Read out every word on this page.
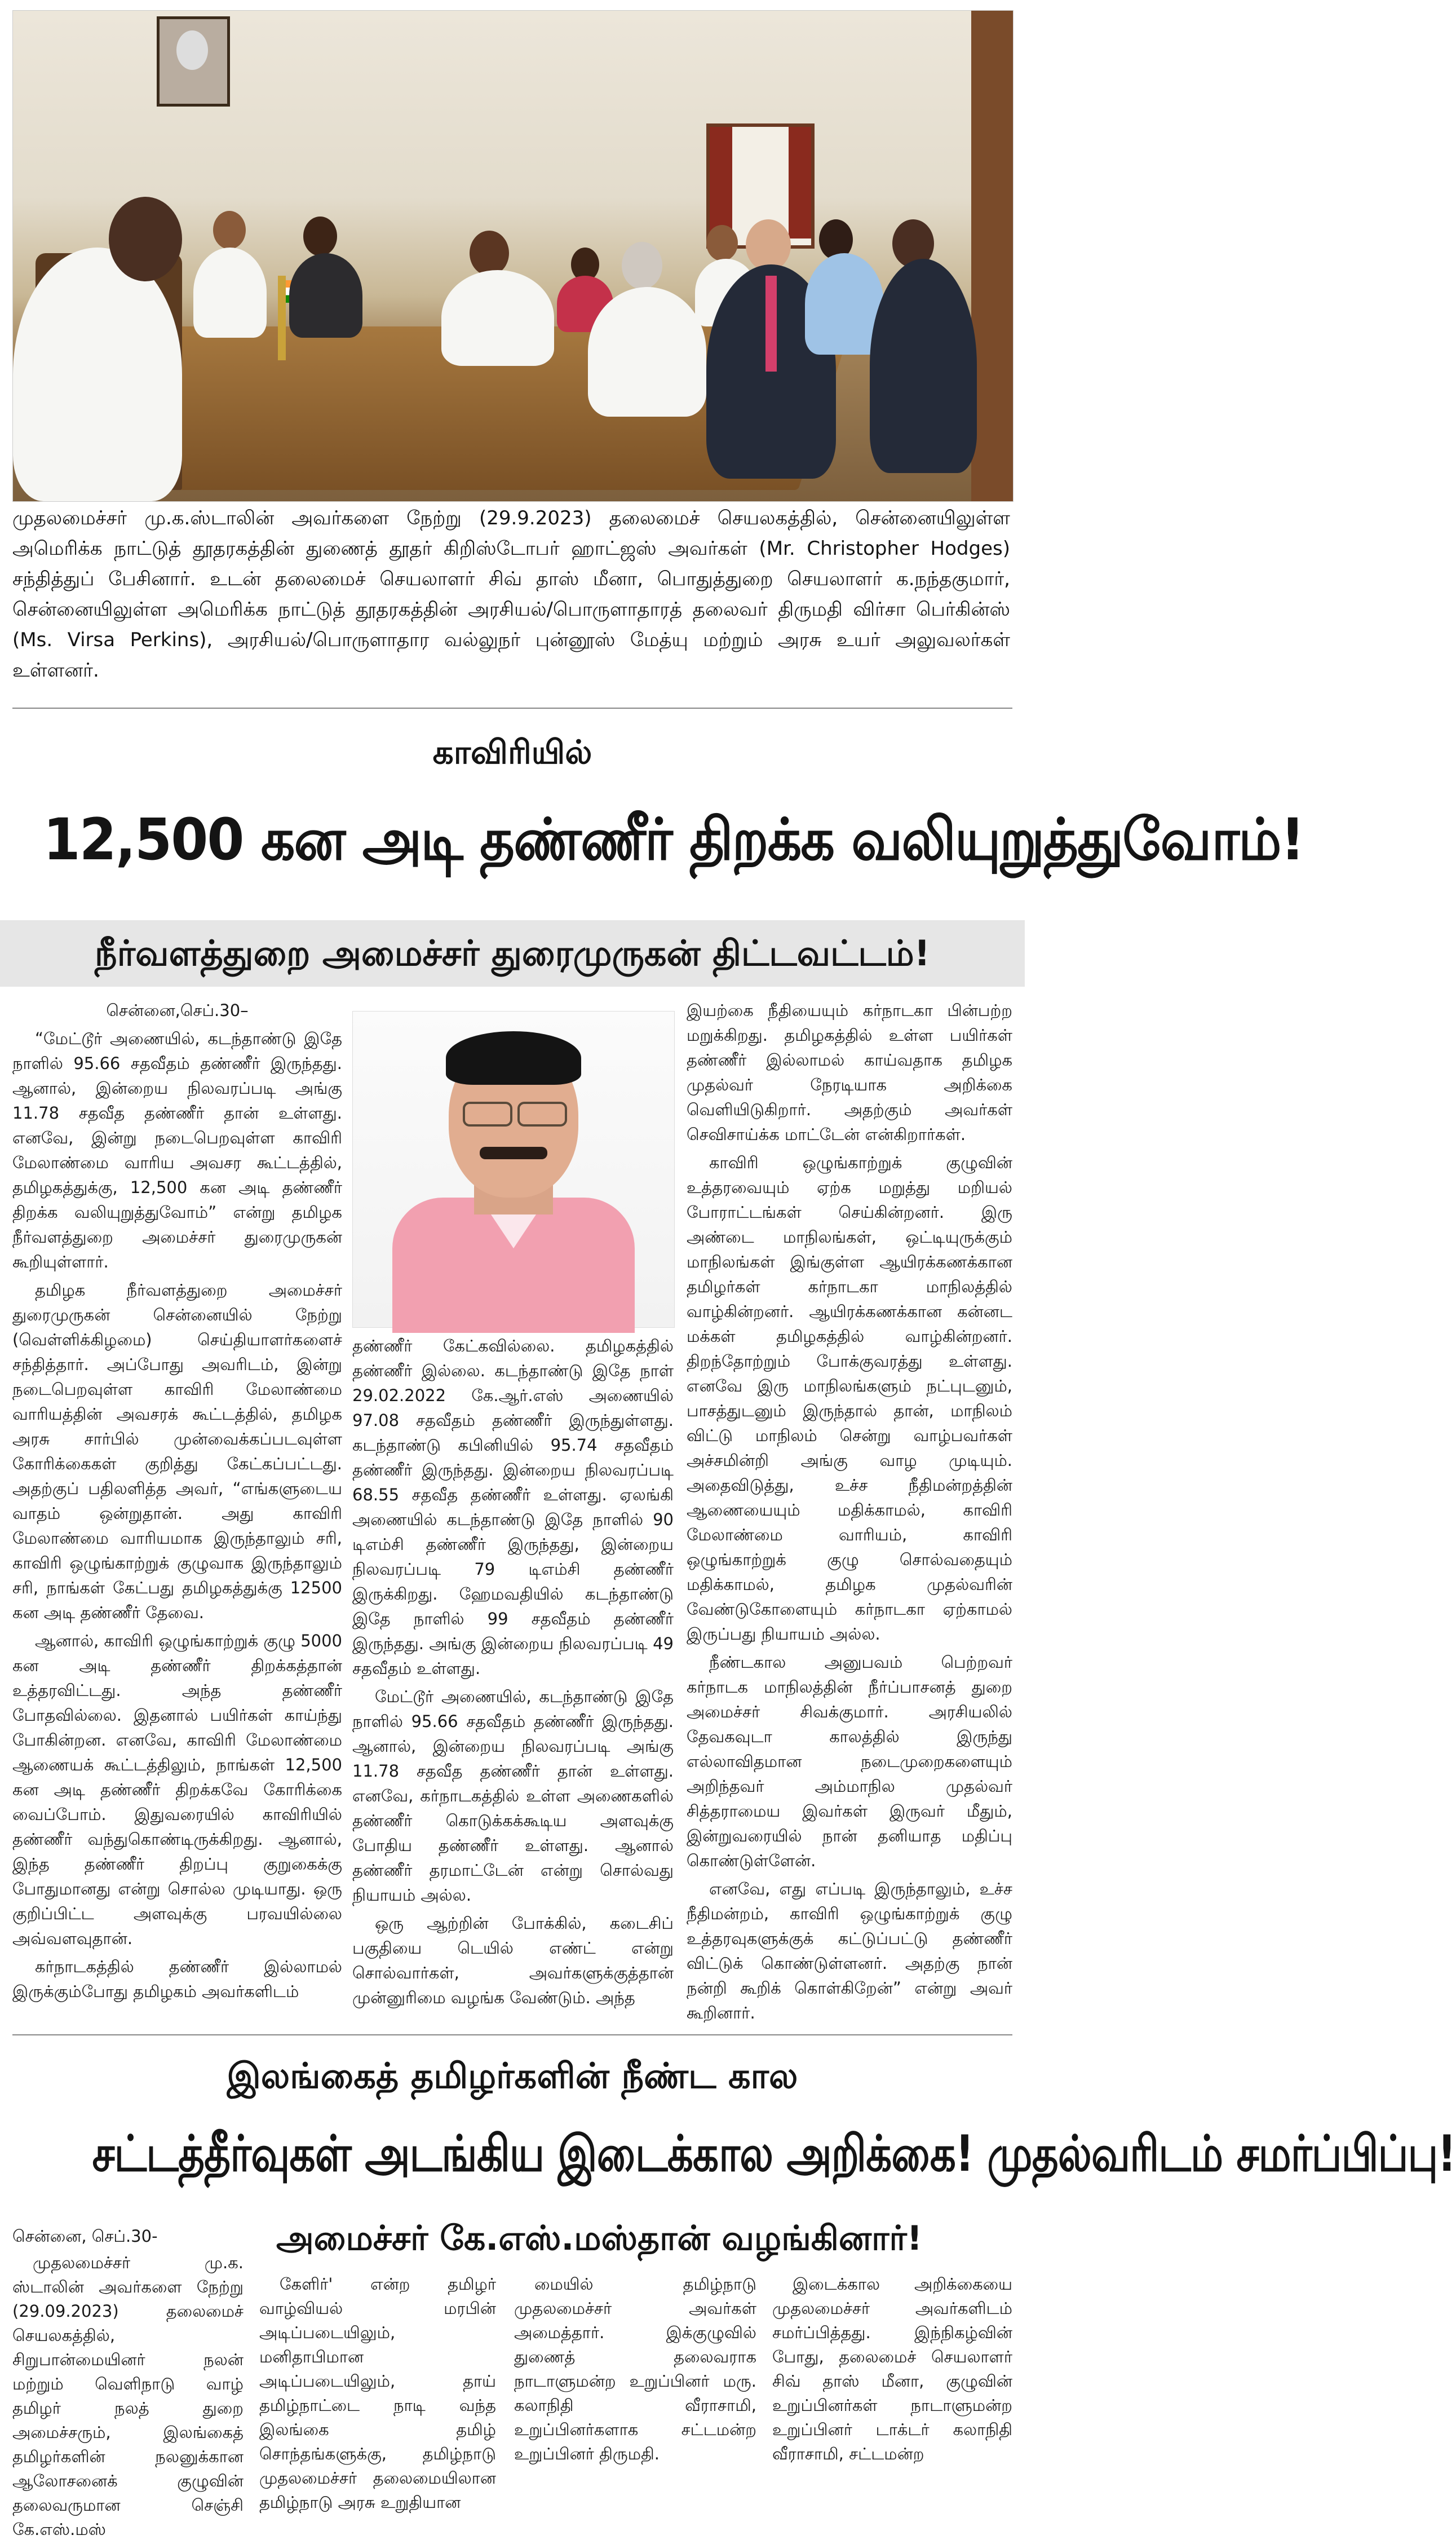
முதலமைச்சர் மு.க.ஸ்டாலின் அவர்களை நேற்று (29.9.2023) தலைமைச் செயலகத்தில், சென்னையிலுள்ள அமெரிக்க நாட்டுத் தூதரகத்தின் துணைத் தூதர் கிறிஸ்டோபர் ஹாட்ஜஸ் அவர்கள் (Mr. Christopher Hodges) சந்தித்துப் பேசினார். உடன் தலைமைச் செயலாளர் சிவ் தாஸ் மீனா, பொதுத்துறை செயலாளர் க.நந்தகுமார், சென்னையிலுள்ள அமெரிக்க நாட்டுத் தூதரகத்தின் அரசியல்/பொருளாதாரத் தலைவர் திருமதி விர்சா பெர்கின்ஸ் (Ms. Virsa Perkins), அரசியல்/பொருளாதார வல்லுநர் புன்னூஸ் மேத்யு மற்றும் அரசு உயர் அலுவலர்கள் உள்ளனர்.
காவிரியில்
12,500 கன அடி தண்ணீர் திறக்க வலியுறுத்துவோம்!
நீர்வளத்துறை அமைச்சர் துரைமுருகன் திட்டவட்டம்!

சென்னை,செப்.30–

“மேட்டூர் அணையில், கடந்தாண்டு இதே நாளில் 95.66 சதவீதம் தண்ணீர் இருந்தது. ஆனால், இன்றைய நிலவரப்படி அங்கு 11.78 சதவீத தண்ணீர் தான் உள்ளது. எனவே, இன்று நடைபெறவுள்ள காவிரி மேலாண்மை வாரிய அவசர கூட்டத்தில், தமிழகத்துக்கு, 12,500 கன அடி தண்ணீர் திறக்க வலியுறுத்துவோம்” என்று தமிழக நீர்வளத்துறை அமைச்சர் துரைமுருகன் கூறியுள்ளார்.

தமிழக நீர்வளத்துறை அமைச்சர் துரைமுருகன் சென்னையில் நேற்று (வெள்ளிக்கிழமை) செய்தியாளர்களைச் சந்தித்தார். அப்போது அவரிடம், இன்று நடைபெறவுள்ள காவிரி மேலாண்மை வாரியத்தின் அவசரக் கூட்டத்தில், தமிழக அரசு சார்பில் முன்வைக்கப்படவுள்ள கோரிக்கைகள் குறித்து கேட்கப்பட்டது. அதற்குப் பதிலளித்த அவர், “எங்களுடைய வாதம் ஒன்றுதான். அது காவிரி மேலாண்மை வாரியமாக இருந்தாலும் சரி, காவிரி ஒழுங்காற்றுக் குழுவாக இருந்தாலும் சரி, நாங்கள் கேட்பது தமிழகத்துக்கு 12500 கன அடி தண்ணீர் தேவை.

ஆனால், காவிரி ஒழுங்காற்றுக் குழு 5000 கன அடி தண்ணீர் திறக்கத்தான் உத்தரவிட்டது. அந்த தண்ணீர் போதவில்லை. இதனால் பயிர்கள் காய்ந்து போகின்றன. எனவே, காவிரி மேலாண்மை ஆணையக் கூட்டத்திலும், நாங்கள் 12,500 கன அடி தண்ணீர் திறக்கவே கோரிக்கை வைப்போம். இதுவரையில் காவிரியில் தண்ணீர் வந்துகொண்டிருக்கிறது. ஆனால், இந்த தண்ணீர் திறப்பு குறுகைக்கு போதுமானது என்று சொல்ல முடியாது. ஒரு குறிப்பிட்ட அளவுக்கு பரவயில்லை அவ்வளவுதான்.

கர்நாடகத்தில் தண்ணீர் இல்லாமல் இருக்கும்போது தமிழகம் அவர்களிடம்

தண்ணீர் கேட்கவில்லை. தமிழகத்தில் தண்ணீர் இல்லை. கடந்தாண்டு இதே நாள் 29.02.2022 கே.ஆர்.எஸ் அணையில் 97.08 சதவீதம் தண்ணீர் இருந்துள்ளது. கடந்தாண்டு கபினியில் 95.74 சதவீதம் தண்ணீர் இருந்தது. இன்றைய நிலவரப்படி 68.55 சதவீத தண்ணீர் உள்ளது. ஏலங்கி அணையில் கடந்தாண்டு இதே நாளில் 90 டிஎம்சி தண்ணீர் இருந்தது, இன்றைய நிலவரப்படி 79 டிஎம்சி தண்ணீர் இருக்கிறது. ஹேமவதியில் கடந்தாண்டு இதே நாளில் 99 சதவீதம் தண்ணீர் இருந்தது. அங்கு இன்றைய நிலவரப்படி 49 சதவீதம் உள்ளது.

மேட்டூர் அணையில், கடந்தாண்டு இதே நாளில் 95.66 சதவீதம் தண்ணீர் இருந்தது. ஆனால், இன்றைய நிலவரப்படி அங்கு 11.78 சதவீத தண்ணீர் தான் உள்ளது. எனவே, கர்நாடகத்தில் உள்ள அணைகளில் தண்ணீர் கொடுக்கக்கூடிய அளவுக்கு போதிய தண்ணீர் உள்ளது. ஆனால் தண்ணீர் தரமாட்டேன் என்று சொல்வது நியாயம் அல்ல.

ஒரு ஆற்றின் போக்கில், கடைசிப் பகுதியை டெயில் எண்ட் என்று சொல்வார்கள், அவர்களுக்குத்தான் முன்னுரிமை வழங்க வேண்டும். அந்த

இயற்கை நீதியையும் கர்நாடகா பின்பற்ற மறுக்கிறது. தமிழகத்தில் உள்ள பயிர்கள் தண்ணீர் இல்லாமல் காய்வதாக தமிழக முதல்வர் நேரடியாக அறிக்கை வெளியிடுகிறார். அதற்கும் அவர்கள் செவிசாய்க்க மாட்டேன் என்கிறார்கள்.

காவிரி ஒழுங்காற்றுக் குழுவின் உத்தரவையும் ஏற்க மறுத்து மறியல் போராட்டங்கள் செய்கின்றனர். இரு அண்டை மாநிலங்கள், ஒட்டியுருக்கும் மாநிலங்கள் இங்குள்ள ஆயிரக்கணக்கான தமிழர்கள் கர்நாடகா மாநிலத்தில் வாழ்கின்றனர். ஆயிரக்கணக்கான கன்னட மக்கள் தமிழகத்தில் வாழ்கின்றனர். திறந்தோற்றும் போக்குவரத்து உள்ளது. எனவே இரு மாநிலங்களும் நட்புடனும், பாசத்துடனும் இருந்தால் தான், மாநிலம் விட்டு மாநிலம் சென்று வாழ்பவர்கள் அச்சமின்றி அங்கு வாழ முடியும். அதைவிடுத்து, உச்ச நீதிமன்றத்தின் ஆணையையும் மதிக்காமல், காவிரி மேலாண்மை வாரியம், காவிரி ஒழுங்காற்றுக் குழு சொல்வதையும் மதிக்காமல், தமிழக முதல்வரின் வேண்டுகோளையும் கர்நாடகா ஏற்காமல் இருப்பது நியாயம் அல்ல.

நீண்டகால அனுபவம் பெற்றவர் கர்நாடக மாநிலத்தின் நீர்ப்பாசனத் துறை அமைச்சர் சிவக்குமார். அரசியலில் தேவகவுடா காலத்தில் இருந்து எல்லாவிதமான நடைமுறைகளையும் அறிந்தவர் அம்மாநில முதல்வர் சித்தராமைய இவர்கள் இருவர் மீதும், இன்றுவரையில் நான் தனியாத மதிப்பு கொண்டுள்ளேன்.

எனவே, எது எப்படி இருந்தாலும், உச்ச நீதிமன்றம், காவிரி ஒழுங்காற்றுக் குழு உத்தரவுகளுக்குக் கட்டுப்பட்டு தண்ணீர் விட்டுக் கொண்டுள்ளனர். அதற்கு நான் நன்றி கூறிக் கொள்கிறேன்” என்று அவர் கூறினார்.

இலங்கைத் தமிழர்களின் நீண்ட கால
சட்டத்தீர்வுகள் அடங்கிய இடைக்கால அறிக்கை! முதல்வரிடம் சமர்ப்பிப்பு!

சென்னை, செப்.30-

முதலமைச்சர் மு.க. ஸ்டாலின் அவர்களை நேற்று (29.09.2023) தலைமைச் செயலகத்தில், சிறுபான்மையினர் நலன் மற்றும் வெளிநாடு வாழ் தமிழர் நலத் துறை அமைச்சரும், இலங்கைத் தமிழர்களின் நலனுக்கான ஆலோசனைக் குழுவின் தலைவருமான செஞ்சி கே.எஸ்.மஸ்

அமைச்சர் கே.எஸ்.மஸ்தான் வழங்கினார்!

கேளிர்' என்ற தமிழர் வாழ்வியல் மரபின் அடிப்படையிலும், மனிதாபிமான அடிப்படையிலும், தாய் தமிழ்நாட்டை நாடி வந்த இலங்கை தமிழ் சொந்தங்களுக்கு, தமிழ்நாடு முதலமைச்சர் தலைமையிலான தமிழ்நாடு அரசு உறுதியான

மையில் தமிழ்நாடு முதலமைச்சர் அவர்கள் அமைத்தார். இக்குழுவில் துணைத் தலைவராக நாடாளுமன்ற உறுப்பினர் மரு. கலாநிதி வீராசாமி, உறுப்பினர்களாக சட்டமன்ற உறுப்பினர் திருமதி.

இடைக்கால அறிக்கையை முதலமைச்சர் அவர்களிடம் சமர்ப்பித்தது. இந்நிகழ்வின் போது, தலைமைச் செயலாளர் சிவ் தாஸ் மீனா, குழுவின் உறுப்பினர்கள் நாடாளுமன்ற உறுப்பினர் டாக்டர் கலாநிதி வீராசாமி, சட்டமன்ற
